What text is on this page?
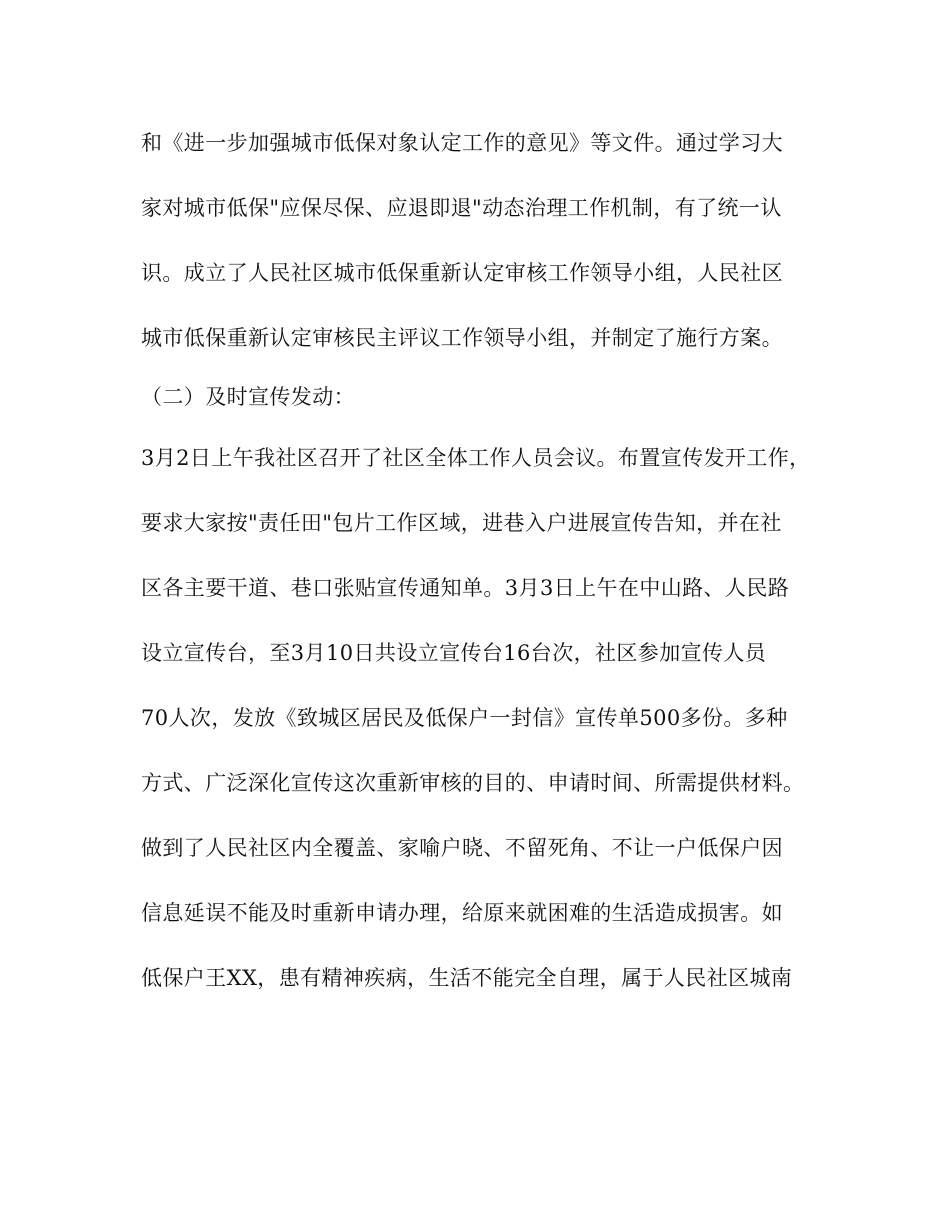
和《进一步加强城市低保对象认定工作的意见》等文件。通过学习大
家对城市低保"应保尽保、应退即退"动态治理工作机制，有了统一认
识。成立了人民社区城市低保重新认定审核工作领导小组，人民社区
城市低保重新认定审核民主评议工作领导小组，并制定了施行方案。
（二）及时宣传发动：
3月2日上午我社区召开了社区全体工作人员会议。布置宣传发开工作，
要求大家按"责任田"包片工作区域，进巷入户进展宣传告知，并在社
区各主要干道、巷口张贴宣传通知单。3月3日上午在中山路、人民路
设立宣传台，至3月10日共设立宣传台16台次，社区参加宣传人员
70人次，发放《致城区居民及低保户一封信》宣传单500多份。多种
方式、广泛深化宣传这次重新审核的目的、申请时间、所需提供材料。
做到了人民社区内全覆盖、家喻户晓、不留死角、不让一户低保户因
信息延误不能及时重新申请办理，给原来就困难的生活造成损害。如
低保户王XX，患有精神疾病，生活不能完全自理，属于人民社区城南
